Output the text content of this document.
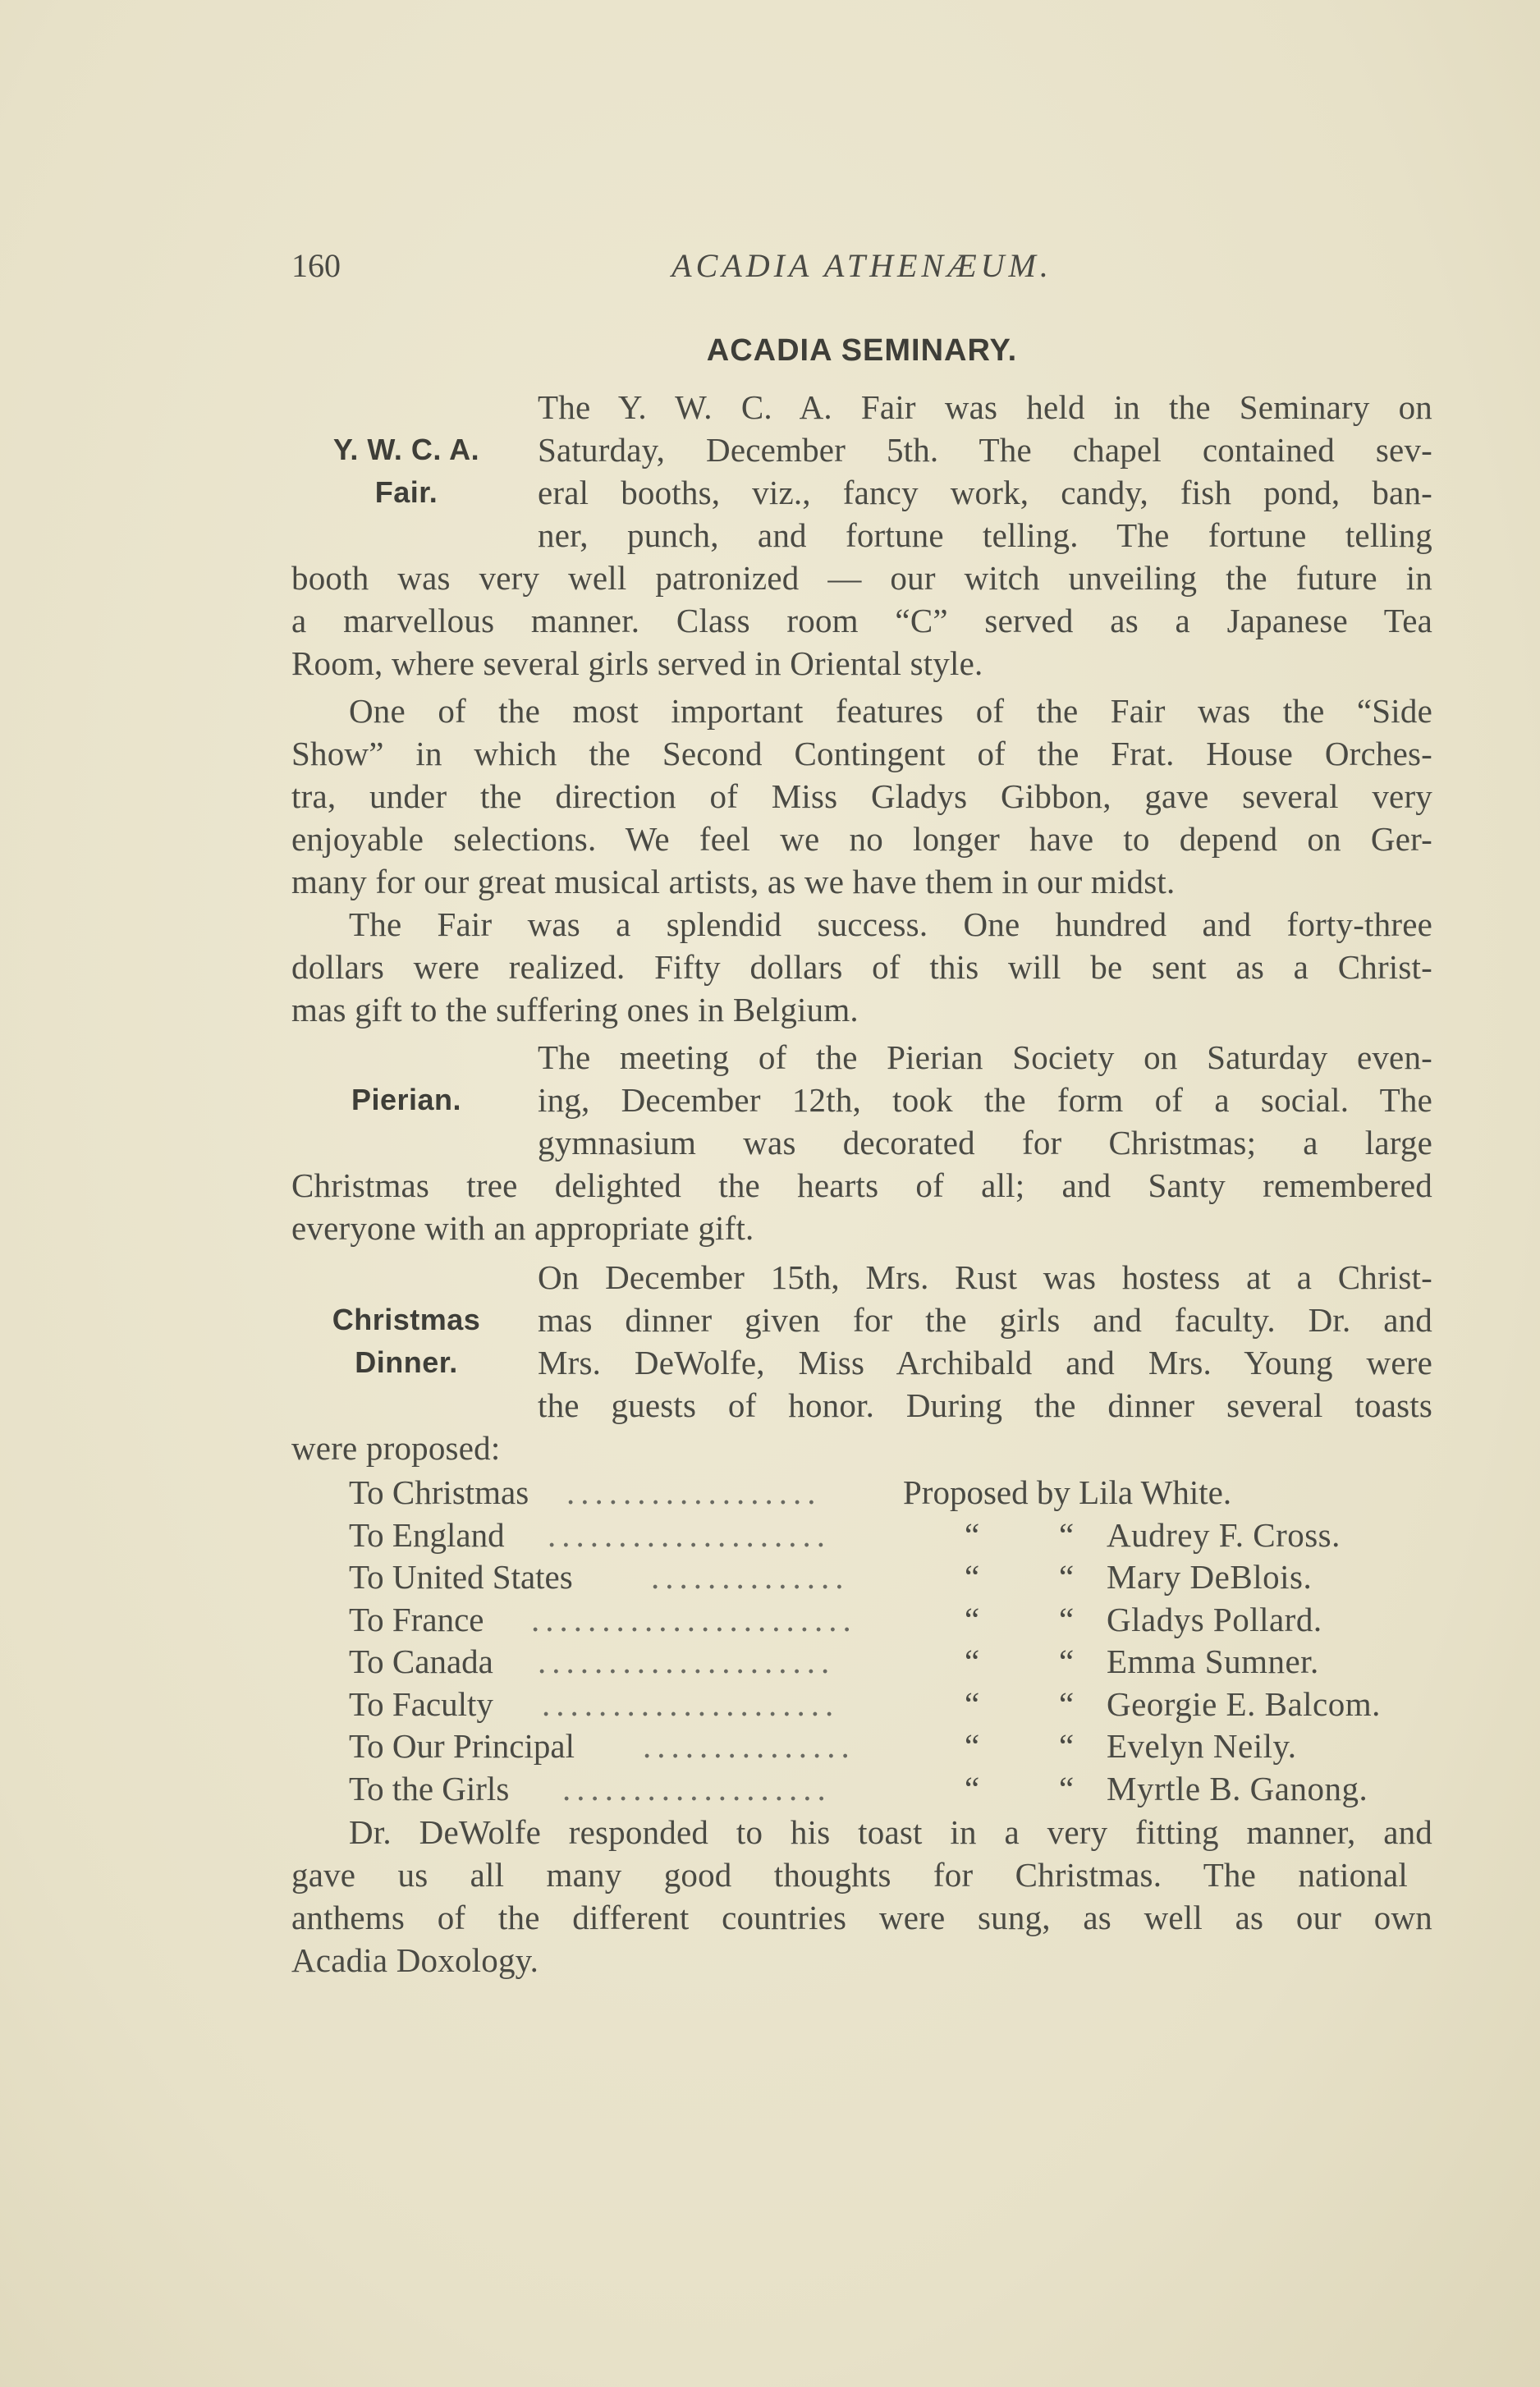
160	ACADIA ATHENÆUM.
ACADIA SEMINARY.
Y. W. C. A.
Fair.
The Y. W. C. A. Fair was held in the Seminary on
Saturday, December 5th. The chapel contained sev-
eral booths, viz., fancy work, candy, fish pond, ban-
ner, punch, and fortune telling. The fortune telling
booth was very well patronized — our witch unveiling the future in
a marvellous manner. Class room “C” served as a Japanese Tea
Room, where several girls served in Oriental style.
One of the most important features of the Fair was the “Side
Show” in which the Second Contingent of the Frat. House Orches-
tra, under the direction of Miss Gladys Gibbon, gave several very
enjoyable selections. We feel we no longer have to depend on Ger-
many for our great musical artists, as we have them in our midst.
The Fair was a splendid success. One hundred and forty-three
dollars were realized. Fifty dollars of this will be sent as a Christ-
mas gift to the suffering ones in Belgium.
Pierian.
The meeting of the Pierian Society on Saturday even-
ing, December 12th, took the form of a social. The
gymnasium was decorated for Christmas; a large
Christmas tree delighted the hearts of all; and Santy remembered
everyone with an appropriate gift.
Christmas
Dinner.
On December 15th, Mrs. Rust was hostess at a Christ-
mas dinner given for the girls and faculty. Dr. and
Mrs. DeWolfe, Miss Archibald and Mrs. Young were
the guests of honor. During the dinner several toasts
were proposed:
To Christmas .................. Proposed by Lila White.
To England ....................	“ “ Audrey F. Cross.
To United States ..............	“ “ Mary DeBlois.
To France .......................	“ “ Gladys Pollard.
To Canada .....................	“ “ Emma Sumner.
To Faculty .....................	“ “ Georgie E. Balcom.
To Our Principal ...............	“ “ Evelyn Neily.
To the Girls ...................	“ “ Myrtle B. Ganong.
Dr. DeWolfe responded to his toast in a very fitting manner, and
gave us all many good thoughts for Christmas. The national
anthems of the different countries were sung, as well as our own
Acadia Doxology.
